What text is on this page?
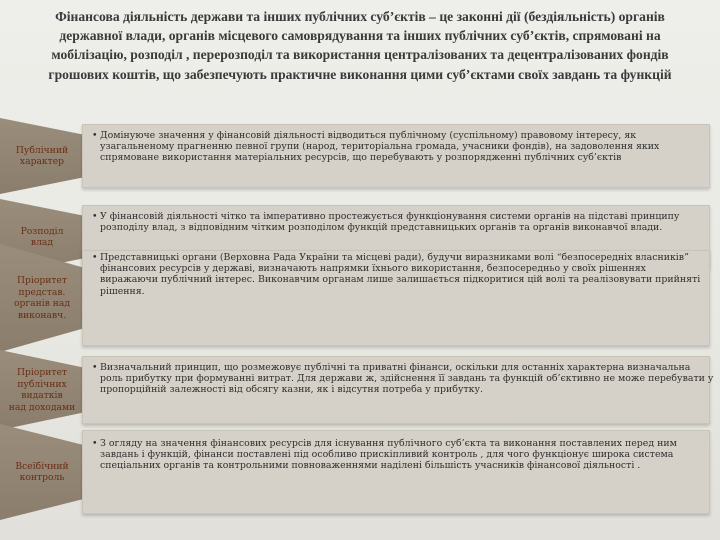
Фінансова діяльність держави та інших публічних суб’єктів – це законні дії (бездіяльність) органів державної влади, органів місцевого самоврядування та інших публічних суб’єктів, спрямовані на мобілізацію, розподіл , перерозподіл та використання централізованих та децентралізованих фондів грошових коштів, що забезпечують практичне виконання цими суб’єктами своїх завдань та функцій
Публічний
характер
• Домінуюче значення у фінансовій діяльності відводиться публічному (суспільному) правовому інтересу, як узагальненому прагненню певної групи (народ, територіальна громада, учасники фондів), на задоволення яких спрямоване використання матеріальних ресурсів, що перебувають у розпорядженні публічних суб’єктів
Розподіл
влад
• У фінансовій діяльності чітко та імперативно простежується функціонування системи органів на підставі принципу розподілу влад, з відповідним чітким розподілом функцій представницьких органів та органів виконавчої влади.
Пріоритет
представ.
органів над
виконавч.
• Представницькі органи (Верховна Рада України та місцеві ради), будучи виразниками волі “безпосередніх власників” фінансових ресурсів у державі, визначають напрямки їхнього використання, безпосередньо у своїх рішеннях виражаючи публічний інтерес. Виконавчим органам лише залишається підкоритися цій волі та реалізовувати прийняті рішення.
Пріоритет
публічних
видатків
над доходами
• Визначальний принцип, що розмежовує публічні та приватні фінанси, оскільки для останніх характерна визначальна роль прибутку при формуванні витрат. Для держави ж, здійснення її завдань та функцій об’єктивно не може перебувати у пропорційній залежності від обсягу казни, як і відсутня потреба у прибутку.
Всеїбічний
контроль
• З огляду на значення фінансових ресурсів для існування публічного суб’єкта та виконання поставлених перед ним завдань і функцій, фінанси поставлені під особливо прискіпливий контроль , для чого функціонує широка система спеціальних органів та контрольними повноваженнями наділені більшість учасників фінансової діяльності .
